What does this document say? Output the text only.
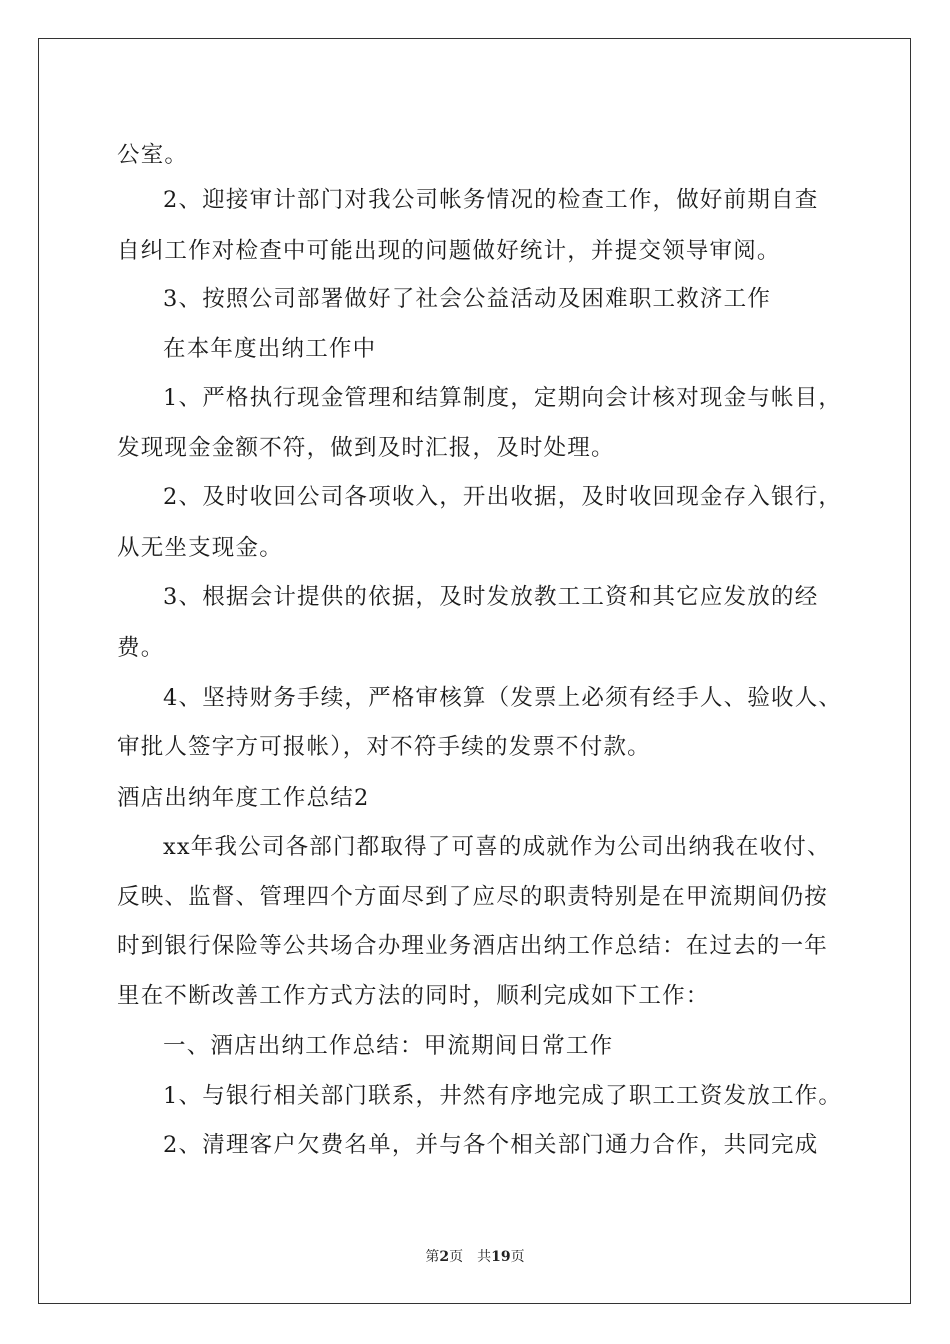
公室。
2、迎接审计部门对我公司帐务情况的检查工作，做好前期自查
自纠工作对检查中可能出现的问题做好统计，并提交领导审阅。
3、按照公司部署做好了社会公益活动及困难职工救济工作
在本年度出纳工作中
1、严格执行现金管理和结算制度，定期向会计核对现金与帐目，
发现现金金额不符，做到及时汇报，及时处理。
2、及时收回公司各项收入，开出收据，及时收回现金存入银行，
从无坐支现金。
3、根据会计提供的依据，及时发放教工工资和其它应发放的经
费。
4、坚持财务手续，严格审核算（发票上必须有经手人、验收人、
审批人签字方可报帐），对不符手续的发票不付款。
酒店出纳年度工作总结2
xx年我公司各部门都取得了可喜的成就作为公司出纳我在收付、
反映、监督、管理四个方面尽到了应尽的职责特别是在甲流期间仍按
时到银行保险等公共场合办理业务酒店出纳工作总结：在过去的一年
里在不断改善工作方式方法的同时，顺利完成如下工作：
一、酒店出纳工作总结：甲流期间日常工作
1、与银行相关部门联系，井然有序地完成了职工工资发放工作。
2、清理客户欠费名单，并与各个相关部门通力合作，共同完成
第2页　共19页
